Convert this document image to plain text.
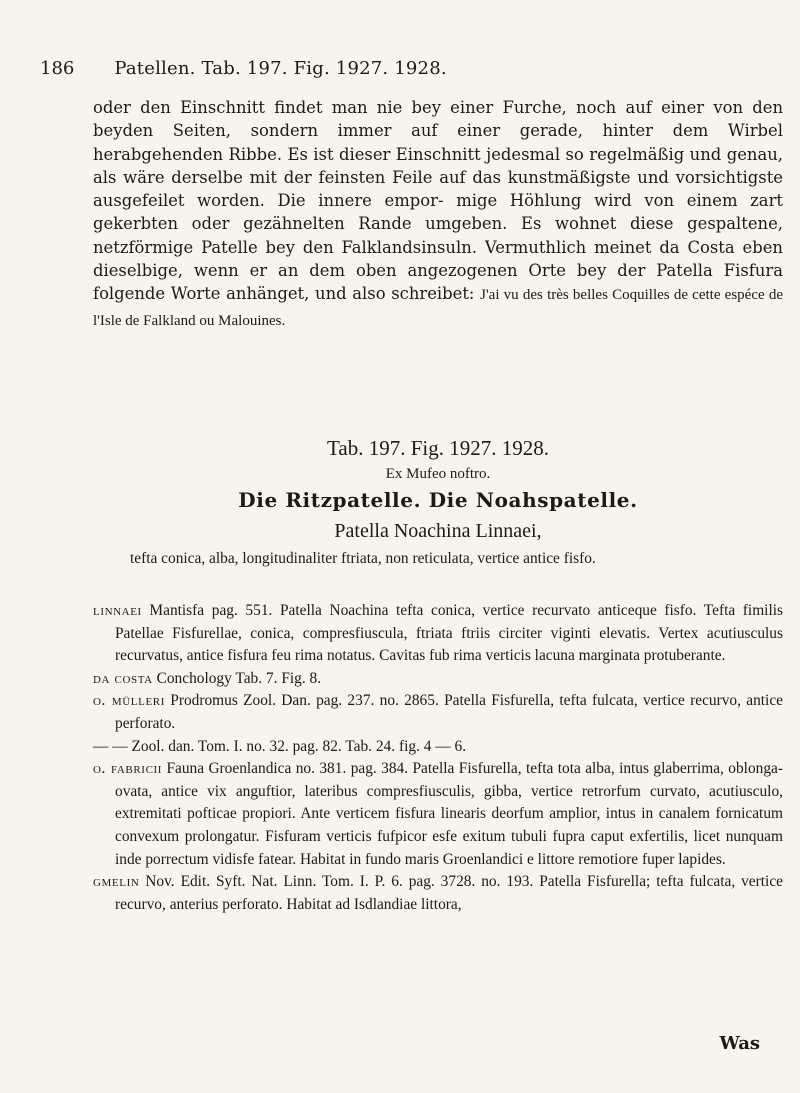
186 Patellen. Tab. 197. Fig. 1927. 1928.
oder den Einschnitt findet man nie bey einer Furche, noch auf einer von den beyden Seiten, sondern immer auf einer gerade, hinter dem Wirbel herabgehenden Ribbe. Es ist dieser Einschnitt jedesmal so regelmäßig und genau, als wäre derselbe mit der feinsten Feile auf das kunstmäßigste und vorsichtigste ausgefeilet worden. Die innere empor- mige Höhlung wird von einem zart gekerbten oder gezähnelten Rande umgeben. Es wohnet diese gespaltene, netzförmige Patelle bey den Falklandsinsuln. Vermuthlich meinet da Costa eben dieselbige, wenn er an dem oben angezogenen Orte bey der Patella Fisfura folgende Worte anhänget, und also schreibet: J'ai vu des très belles Coquilles de cette espéce de l'Isle de Falkland ou Malouines.
Tab. 197. Fig. 1927. 1928.
Ex Mufeo noftro.
Die Ritzpatelle. Die Noahspatelle.
Patella Noachina Linnaei,
tefta conica, alba, longitudinaliter ftriata, non reticulata, vertice antice fisfo.

linnaei Mantisfa pag. 551. Patella Noachina tefta conica, vertice recurvato anticeque fisfo. Tefta fimilis Patellae Fisfurellae, conica, compresfiuscula, ftriata ftriis circiter viginti elevatis. Vertex acutiusculus recurvatus, antice fisfura feu rima notatus. Cavitas fub rima verticis lacuna marginata protuberante.

da costa Conchology Tab. 7. Fig. 8.

o. mülleri Prodromus Zool. Dan. pag. 237. no. 2865. Patella Fisfurella, tefta fulcata, vertice recurvo, antice perforato.

— — Zool. dan. Tom. I. no. 32. pag. 82. Tab. 24. fig. 4 — 6.

o. fabricii Fauna Groenlandica no. 381. pag. 384. Patella Fisfurella, tefta tota alba, intus glaberrima, oblonga-ovata, antice vix anguftior, lateribus compresfiusculis, gibba, vertice retrorfum curvato, acutiusculo, extremitati pofticae propiori. Ante verticem fisfura linearis deorfum amplior, intus in canalem fornicatum convexum prolongatur. Fisfuram verticis fufpicor esfe exitum tubuli fupra caput exfertilis, licet nunquam inde porrectum vidisfe fatear. Habitat in fundo maris Groenlandici e littore remotiore fuper lapides.

gmelin Nov. Edit. Syft. Nat. Linn. Tom. I. P. 6. pag. 3728. no. 193. Patella Fisfurella; tefta fulcata, vertice recurvo, anterius perforato. Habitat ad Isdlandiae littora,

Was
